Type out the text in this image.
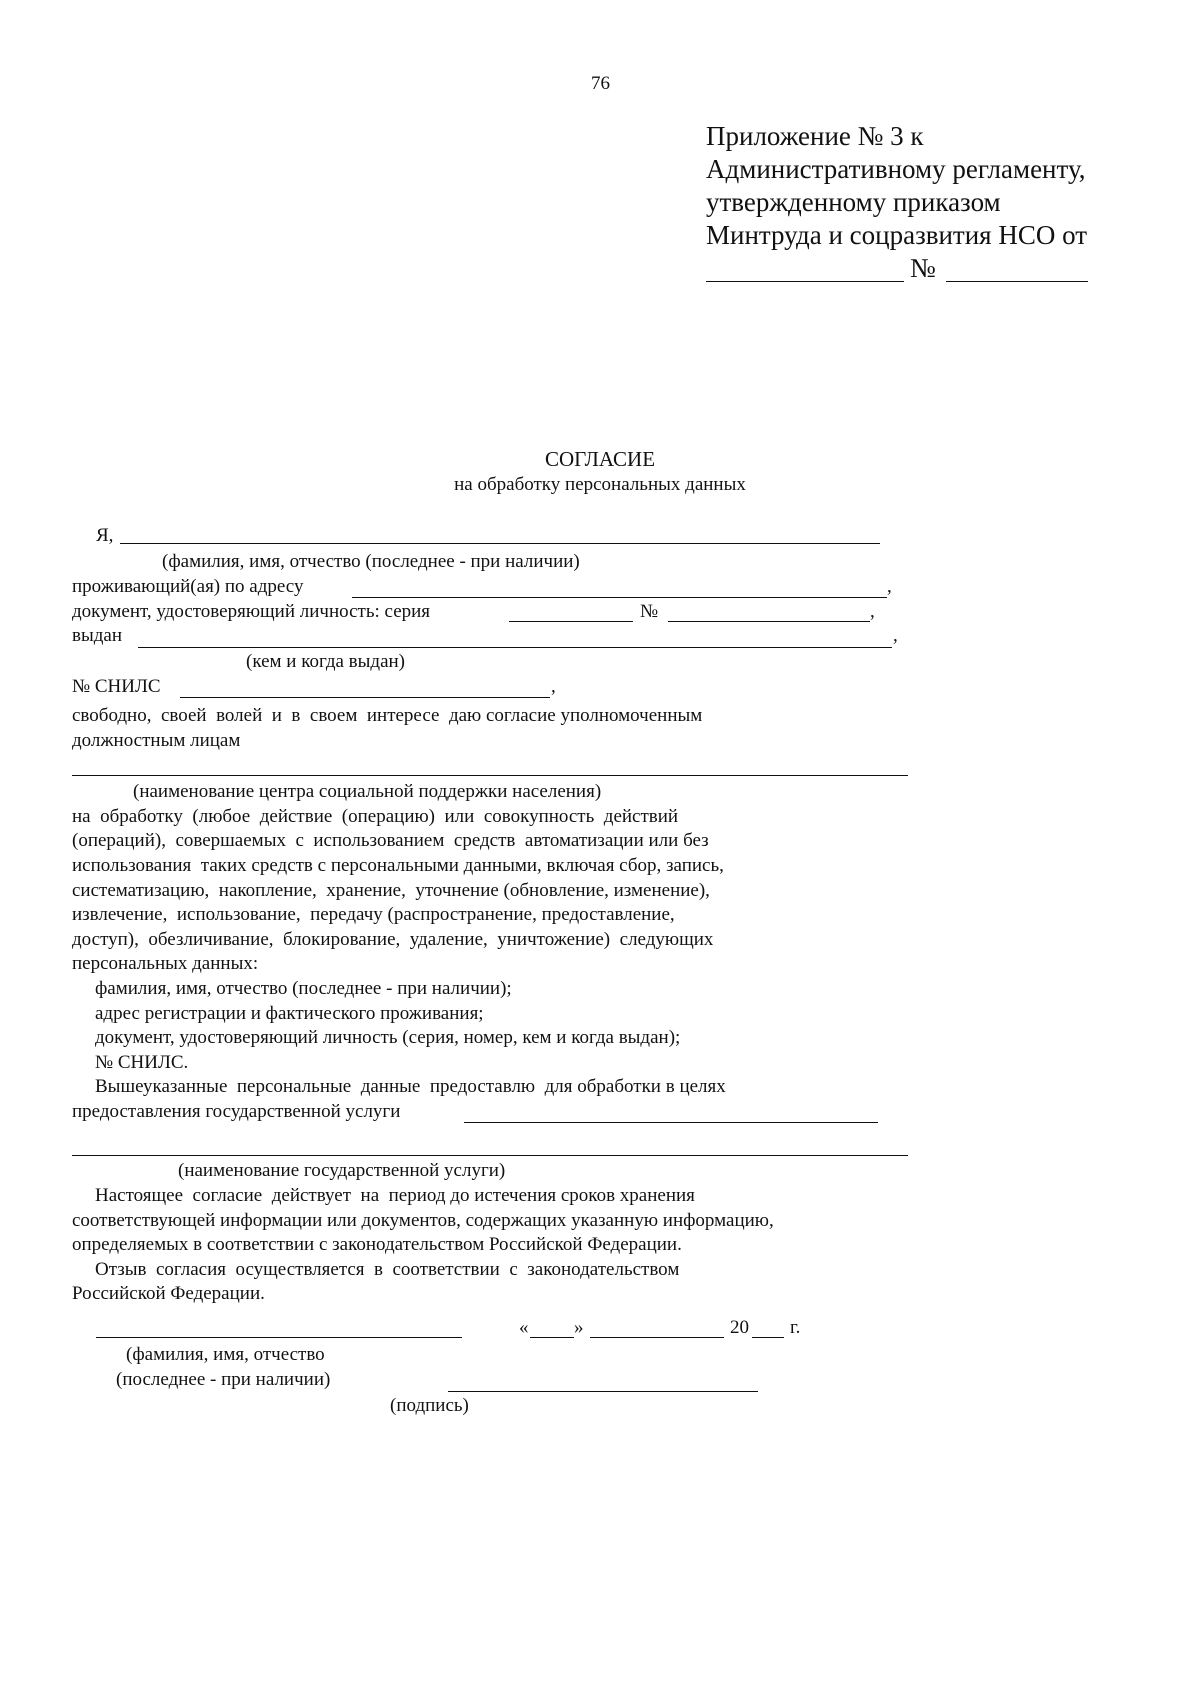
76
Приложение № 3 к
Административному регламенту,
утвержденному приказом
Минтруда и соцразвития НСО от
№
СОГЛАСИЕ
на обработку персональных данных
Я,
(фамилия, имя, отчество (последнее - при наличии)
проживающий(ая) по адресу	,
документ, удостоверяющий личность: серия	№	,
выдан	,
(кем и когда выдан)
№ СНИЛС	,
свободно,  своей  волей  и  в  своем  интересе  даю согласие уполномоченным
должностным лицам
(наименование центра социальной поддержки населения)
на  обработку  (любое  действие  (операцию)  или  совокупность  действий
(операций),  совершаемых  с  использованием  средств  автоматизации или без
использования  таких средств с персональными данными, включая сбор, запись,
систематизацию,  накопление,  хранение,  уточнение (обновление, изменение),
извлечение,  использование,  передачу (распространение, предоставление,
доступ),  обезличивание,  блокирование,  удаление,  уничтожение)  следующих
персональных данных:
фамилия, имя, отчество (последнее - при наличии);
адрес регистрации и фактического проживания;
документ, удостоверяющий личность (серия, номер, кем и когда выдан);
№ СНИЛС.
Вышеуказанные  персональные  данные  предоставлю  для обработки в целях
предоставления государственной услуги
(наименование государственной услуги)
Настоящее  согласие  действует  на  период до истечения сроков хранения
соответствующей информации или документов, содержащих указанную информацию,
определяемых в соответствии с законодательством Российской Федерации.
Отзыв  согласия  осуществляется  в  соответствии  с  законодательством
Российской Федерации.
« »	20 г.
(фамилия, имя, отчество
(последнее - при наличии)
(подпись)
